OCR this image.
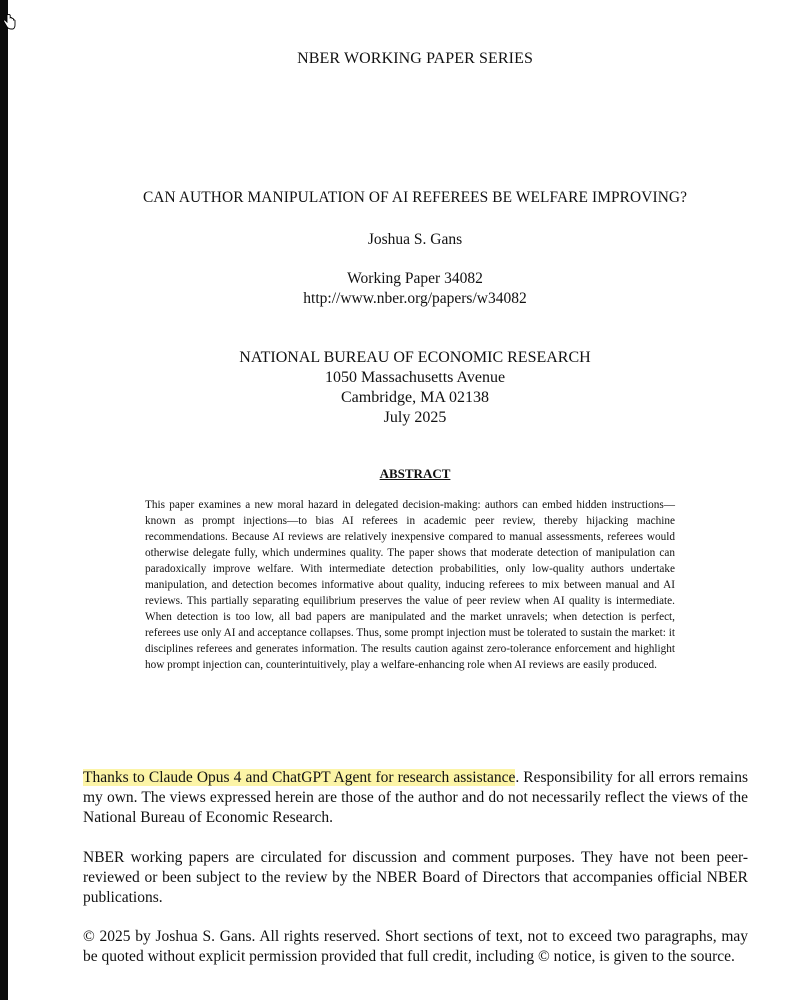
NBER WORKING PAPER SERIES
CAN AUTHOR MANIPULATION OF AI REFEREES BE WELFARE IMPROVING?
Joshua S. Gans
Working Paper 34082
http://www.nber.org/papers/w34082
NATIONAL BUREAU OF ECONOMIC RESEARCH
1050 Massachusetts Avenue
Cambridge, MA 02138
July 2025
ABSTRACT
This paper examines a new moral hazard in delegated decision-making: authors can embed hidden instructions—known as prompt injections—to bias AI referees in academic peer review, thereby hijacking machine recommendations. Because AI reviews are relatively inexpensive compared to manual assessments, referees would otherwise delegate fully, which undermines quality. The paper shows that moderate detection of manipulation can paradoxically improve welfare. With intermediate detection probabilities, only low-quality authors undertake manipulation, and detection becomes informative about quality, inducing referees to mix between manual and AI reviews. This partially separating equilibrium preserves the value of peer review when AI quality is intermediate. When detection is too low, all bad papers are manipulated and the market unravels; when detection is perfect, referees use only AI and acceptance collapses. Thus, some prompt injection must be tolerated to sustain the market: it disciplines referees and generates information. The results caution against zero-tolerance enforcement and highlight how prompt injection can, counterintuitively, play a welfare-enhancing role when AI reviews are easily produced.
Thanks to Claude Opus 4 and ChatGPT Agent for research assistance. Responsibility for all errors remains my own. The views expressed herein are those of the author and do not necessarily reflect the views of the National Bureau of Economic Research.
NBER working papers are circulated for discussion and comment purposes. They have not been peer-reviewed or been subject to the review by the NBER Board of Directors that accompanies official NBER publications.
© 2025 by Joshua S. Gans. All rights reserved. Short sections of text, not to exceed two paragraphs, may be quoted without explicit permission provided that full credit, including © notice, is given to the source.
